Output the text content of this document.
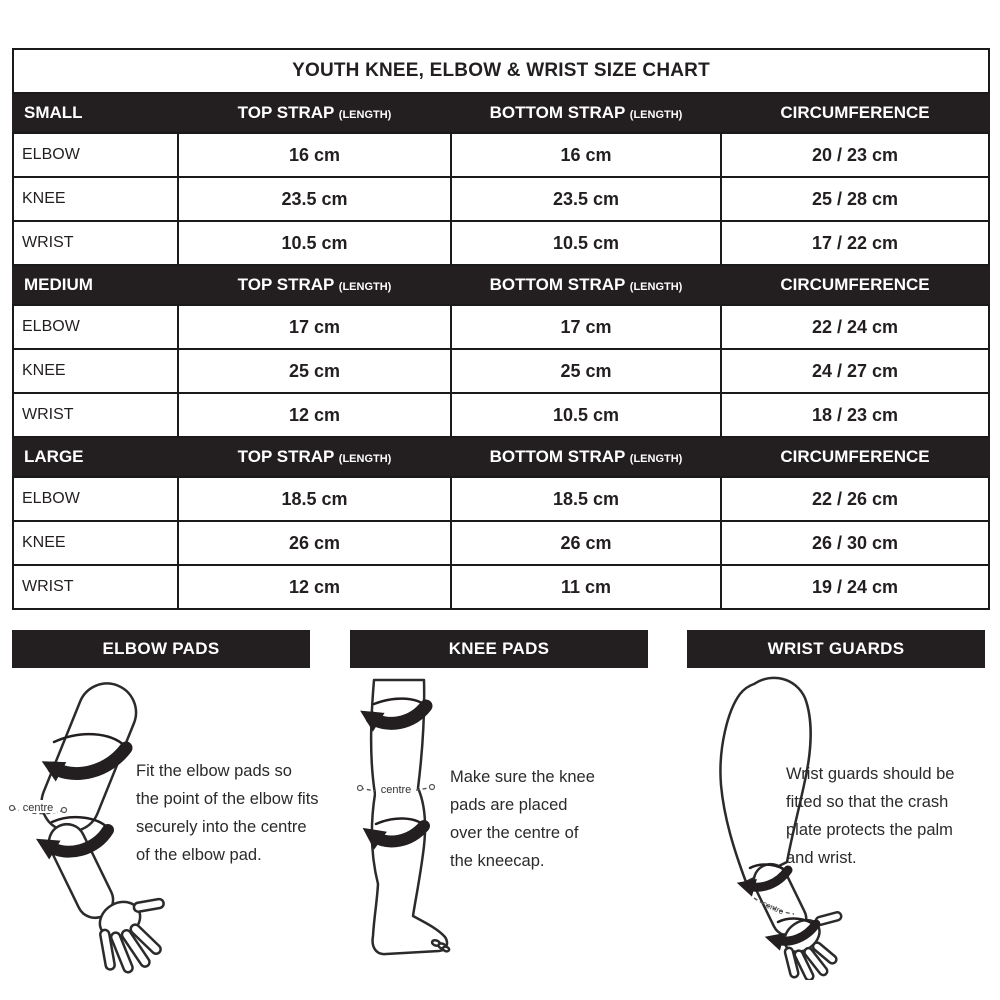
YOUTH KNEE, ELBOW & WRIST SIZE CHART			
SMALL	TOP STRAP (LENGTH)	BOTTOM STRAP (LENGTH)	CIRCUMFERENCE
ELBOW	16 cm	16 cm	20 / 23 cm
KNEE	23.5 cm	23.5 cm	25 / 28 cm
WRIST	10.5 cm	10.5 cm	17 / 22 cm
MEDIUM	TOP STRAP (LENGTH)	BOTTOM STRAP (LENGTH)	CIRCUMFERENCE
ELBOW	17 cm	17 cm	22 / 24 cm
KNEE	25 cm	25 cm	24 / 27 cm
WRIST	12 cm	10.5 cm	18 / 23 cm
LARGE	TOP STRAP (LENGTH)	BOTTOM STRAP (LENGTH)	CIRCUMFERENCE
ELBOW	18.5 cm	18.5 cm	22 / 26 cm
KNEE	26 cm	26 cm	26 / 30 cm
WRIST	12 cm	11 cm	19 / 24 cm
ELBOW PADS	KNEE PADS	WRIST GUARDS
centre
centre
centre
Fit the elbow pads so
the point of the elbow fits
securely into the centre
of the elbow pad.
Make sure the knee
pads are placed
over the centre of
the kneecap.
Wrist guards should be
fitted so that the crash
plate protects the palm
and wrist.
